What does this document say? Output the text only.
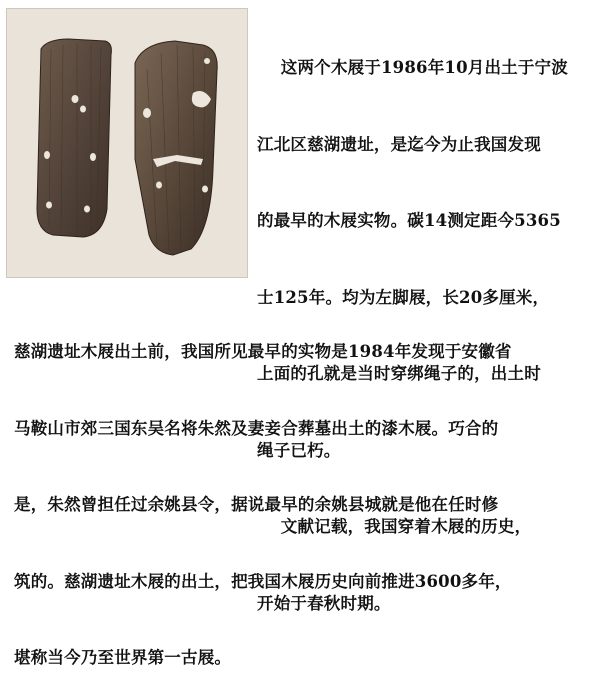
这两个木屐于1986年10月出土于宁波

江北区慈湖遗址，是迄今为止我国发现

的最早的木屐实物。碳14测定距今5365

士125年。均为左脚屐，长20多厘米，

上面的孔就是当时穿绑绳子的，出土时

绳子已朽。

文献记载，我国穿着木屐的历史，

开始于春秋时期。

慈湖遗址木屐出土前，我国所见最早的实物是1984年发现于安徽省

马鞍山市郊三国东吴名将朱然及妻妾合葬墓出土的漆木屐。巧合的

是，朱然曾担任过余姚县令，据说最早的余姚县城就是他在任时修

筑的。慈湖遗址木屐的出土，把我国木屐历史向前推进3600多年，

堪称当今乃至世界第一古屐。
